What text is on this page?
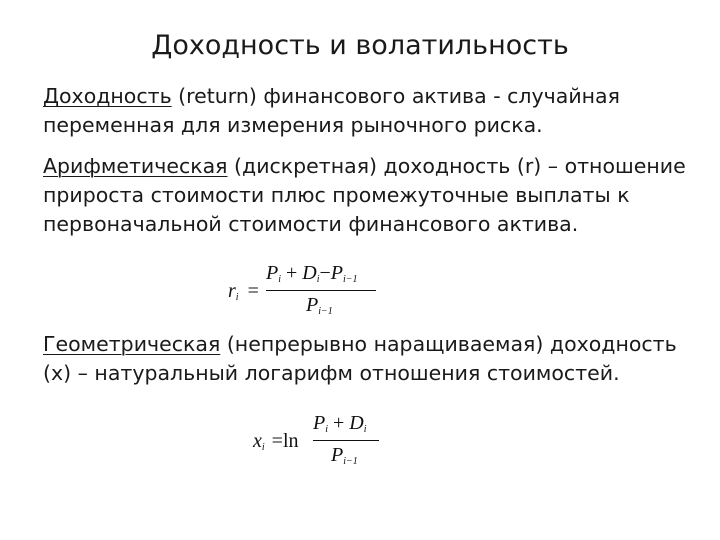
Доходность и волатильность
Доходность (return) финансового актива - случайная переменная для измерения рыночного риска.
Арифметическая (дискретная) доходность (r) – отношение прироста стоимости плюс промежуточные выплаты к первоначальной стоимости финансового актива.
$r_i$ =
$P_i + D_i-P_{i-1}$
$P_{i-1}$
Геометрическая (непрерывно наращиваемая) доходность (x) – натуральный логарифм отношения стоимостей.
$x_i =\ln$
$P_i + D_i$
$P_{i-1}$
